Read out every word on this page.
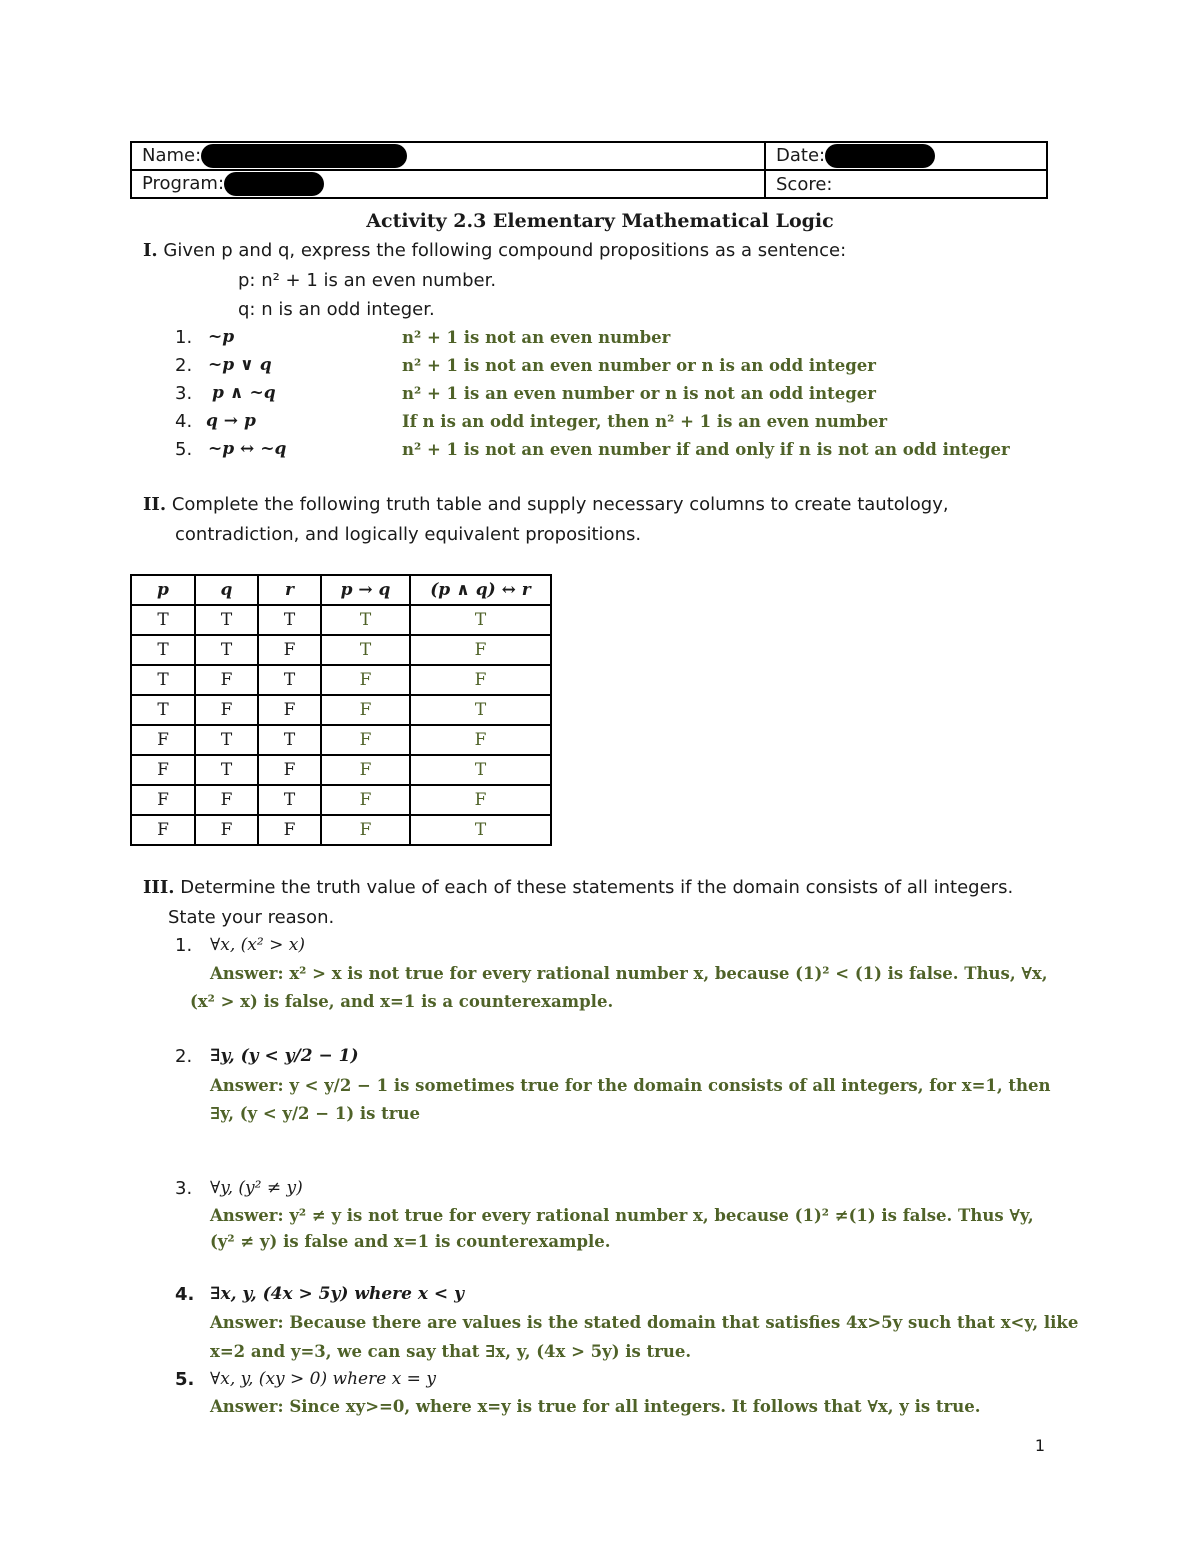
Name:	Date:
Program:	Score:
Activity 2.3 Elementary Mathematical Logic
I. Given p and q, express the following compound propositions as a sentence:
p: n² + 1 is an even number.
q: n is an odd integer.
1. ~p	n² + 1 is not an even number
2. ~p ∨ q	n² + 1 is not an even number or n is an odd integer
3. p ∧ ~q	n² + 1 is an even number or n is not an odd integer
4. q → p	If n is an odd integer, then n² + 1 is an even number
5. ~p ↔ ~q	n² + 1 is not an even number if and only if n is not an odd integer
II. Complete the following truth table and supply necessary columns to create tautology,
contradiction, and logically equivalent propositions.
p	q	r	p → q	(p ∧ q) ↔ r
T	T	T	T	T
T	T	F	T	F
T	F	T	F	F
T	F	F	F	T
F	T	T	F	F
F	T	F	F	T
F	F	T	F	F
F	F	F	F	T
III. Determine the truth value of each of these statements if the domain consists of all integers.
State your reason.
1. ∀x, (x² > x)
Answer: x² > x is not true for every rational number x, because (1)² < (1) is false. Thus, ∀x,
(x² > x) is false, and x=1 is a counterexample.
2. ∃y, (y < y/2 − 1)
Answer: y < y/2 − 1 is sometimes true for the domain consists of all integers, for x=1, then
∃y, (y < y/2 − 1) is true
3. ∀y, (y² ≠ y)
Answer: y² ≠ y is not true for every rational number x, because (1)² ≠(1) is false. Thus ∀y,
(y² ≠ y) is false and x=1 is counterexample.
4. ∃x, y, (4x > 5y) where x < y
Answer: Because there are values is the stated domain that satisfies 4x>5y such that x<y, like
x=2 and y=3, we can say that ∃x, y, (4x > 5y) is true.
5. ∀x, y, (xy > 0) where x = y
Answer: Since xy>=0, where x=y is true for all integers. It follows that ∀x, y is true.
1
